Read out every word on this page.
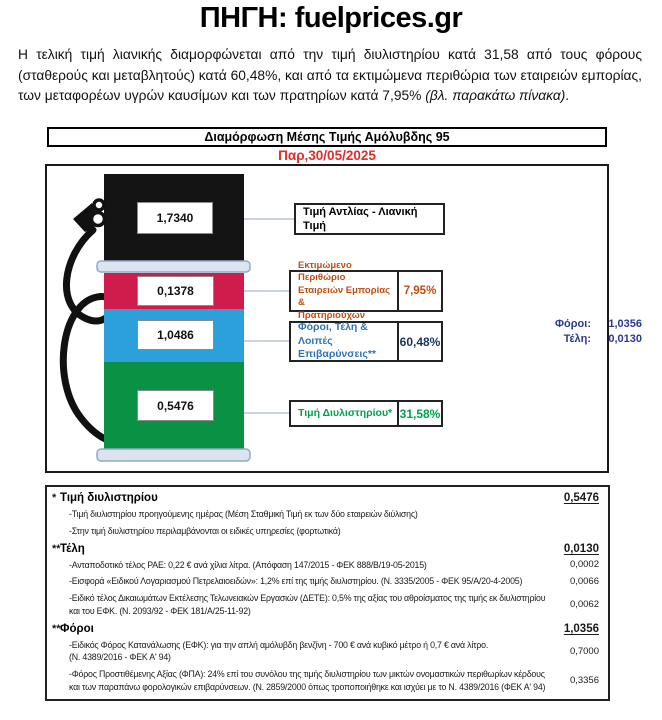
ΠΗΓΗ: fuelprices.gr

Η τελική τιμή λιανικής διαμορφώνεται από την τιμή διυλιστηρίου κατά 31,58 από τους φόρους (σταθερούς και μεταβλητούς) κατά 60,48%, και από τα εκτιμώμενα περιθώρια των εταιρειών εμπορίας, των μεταφορέων υγρών καυσίμων και των πρατηρίων κατά 7,95% (βλ. παρακάτω πίνακα).

Διαμόρφωση Μέσης Τιμής Αμόλυβδης 95
Παρ,30/05/2025
1,7340
0,1378
1,0486
0,5476
Τιμή Αντλίας - Λιανική Τιμή
Εκτιμώμενο Περιθώριο
Εταιρειών Εμπορίας &
Πρατηριούχων
7,95%
Φόροι, Τέλη &
Λοιπές Επιβαρύνσεις**
60,48%
Τιμή Διυλιστηρίου* 31,58%
Φόροι:	1,0356
Τέλη:	0,0130
* Τιμή διυλιστηρίου	0,5476
-Τιμή διυλιστηρίου προηγούμενης ημέρας (Μέση Σταθμική Τιμή εκ των δύο εταιρειών διύλισης)
-Στην τιμή διυλιστηρίου περιλαμβάνονται οι ειδικές υπηρεσίες (φορτωτικά)
** Τέλη	0,0130
-Ανταποδοτικό τέλος ΡΑΕ: 0,22 € ανά χίλια λίτρα. (Απόφαση 147/2015 - ΦΕΚ 888/Β/19-05-2015)	0,0002
-Εισφορά «Ειδικού Λογαριασμού Πετρελαιοειδών»: 1,2% επί της τιμής διυλιστηρίου. (Ν. 3335/2005 - ΦΕΚ 95/Α/20-4-2005)	0,0066
-Ειδικό τέλος Δικαιωμάτων Εκτέλεσης Τελωνειακών Εργασιών (ΔΕΤΕ): 0,5% της αξίας του αθροίσματος της τιμής εκ διυλιστηρίου και του ΕΦΚ. (Ν. 2093/92 - ΦΕΚ 181/Α/25-11-92)
0,0062
** Φόροι	1,0356
-Ειδικός Φόρος Κατανάλωσης (ΕΦΚ): για την απλή αμόλυβδη βενζίνη - 700 € ανά κυβικό μέτρο ή 0,7 € ανά λίτρο.
(Ν. 4389/2016 - ΦΕΚ Α' 94)
0,7000
-Φόρος Προστιθέμενης Αξίας (ΦΠΑ): 24% επί του συνόλου της τιμής διυλιστηρίου των μικτών ονομαστικών περιθωρίων κέρδους και των παραπάνω φορολογικών επιβαρύνσεων. (Ν. 2859/2000 όπως τροποποιήθηκε και ισχύει με το Ν. 4389/2016 (ΦΕΚ Α' 94)
0,3356
